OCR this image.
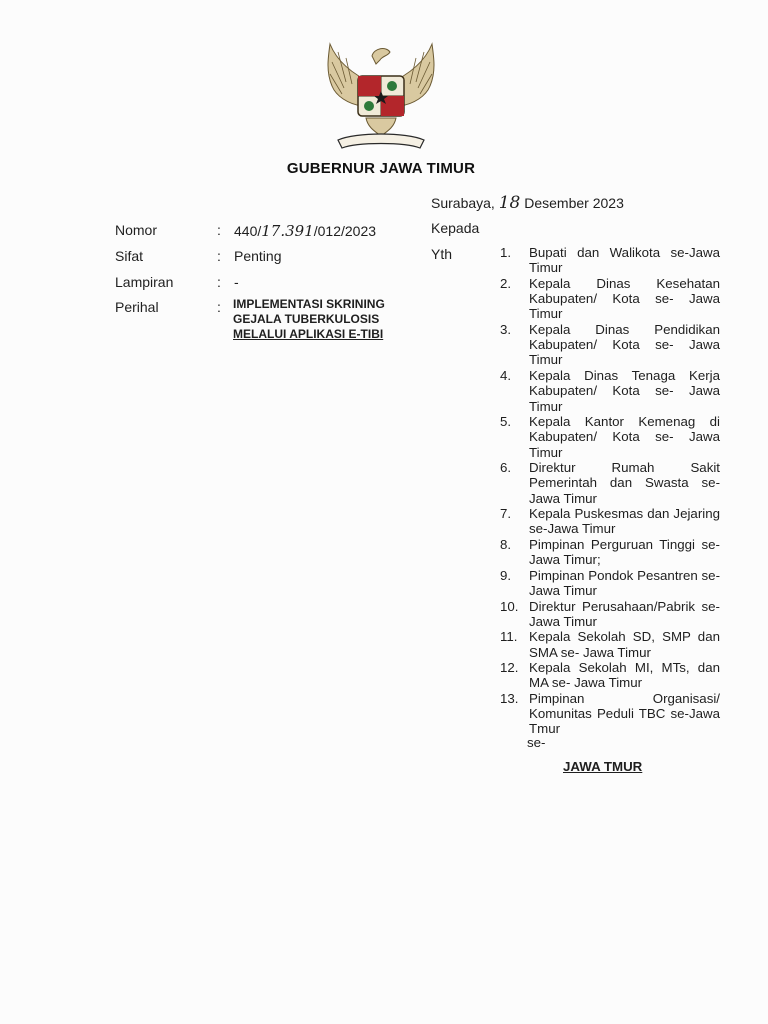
GUBERNUR JAWA TIMUR
Surabaya, 18 Desember 2023
Nomor	: 440/17.391/012/2023
Sifat	: Penting
Lampiran	: -
Perihal	: IMPLEMENTASI SKRINING
GEJALA TUBERKULOSIS
MELALUI APLIKASI E-TIBI
Kepada
Yth	1.	Bupati dan Walikota se-Jawa Timur
2.	Kepala Dinas Kesehatan Kabupaten/ Kota se- Jawa Timur
3.	Kepala Dinas Pendidikan Kabupaten/ Kota se- Jawa Timur
4.	Kepala Dinas Tenaga Kerja Kabupaten/ Kota se- Jawa Timur
5.	Kepala Kantor Kemenag di Kabupaten/ Kota se- Jawa Timur
6.	Direktur Rumah Sakit Pemerintah dan Swasta se-Jawa Timur
7.	Kepala Puskesmas dan Jejaring se-Jawa Timur
8.	Pimpinan Perguruan Tinggi se- Jawa Timur;
9.	Pimpinan Pondok Pesantren se-Jawa Timur
10. Direktur Perusahaan/Pabrik se- Jawa Timur
11. Kepala Sekolah SD, SMP dan SMA se- Jawa Timur
12. Kepala Sekolah MI, MTs, dan MA se- Jawa Timur
13. Pimpinan Organisasi/ Komunitas Peduli TBC se-Jawa Tmur
se-
JAWA TMUR
